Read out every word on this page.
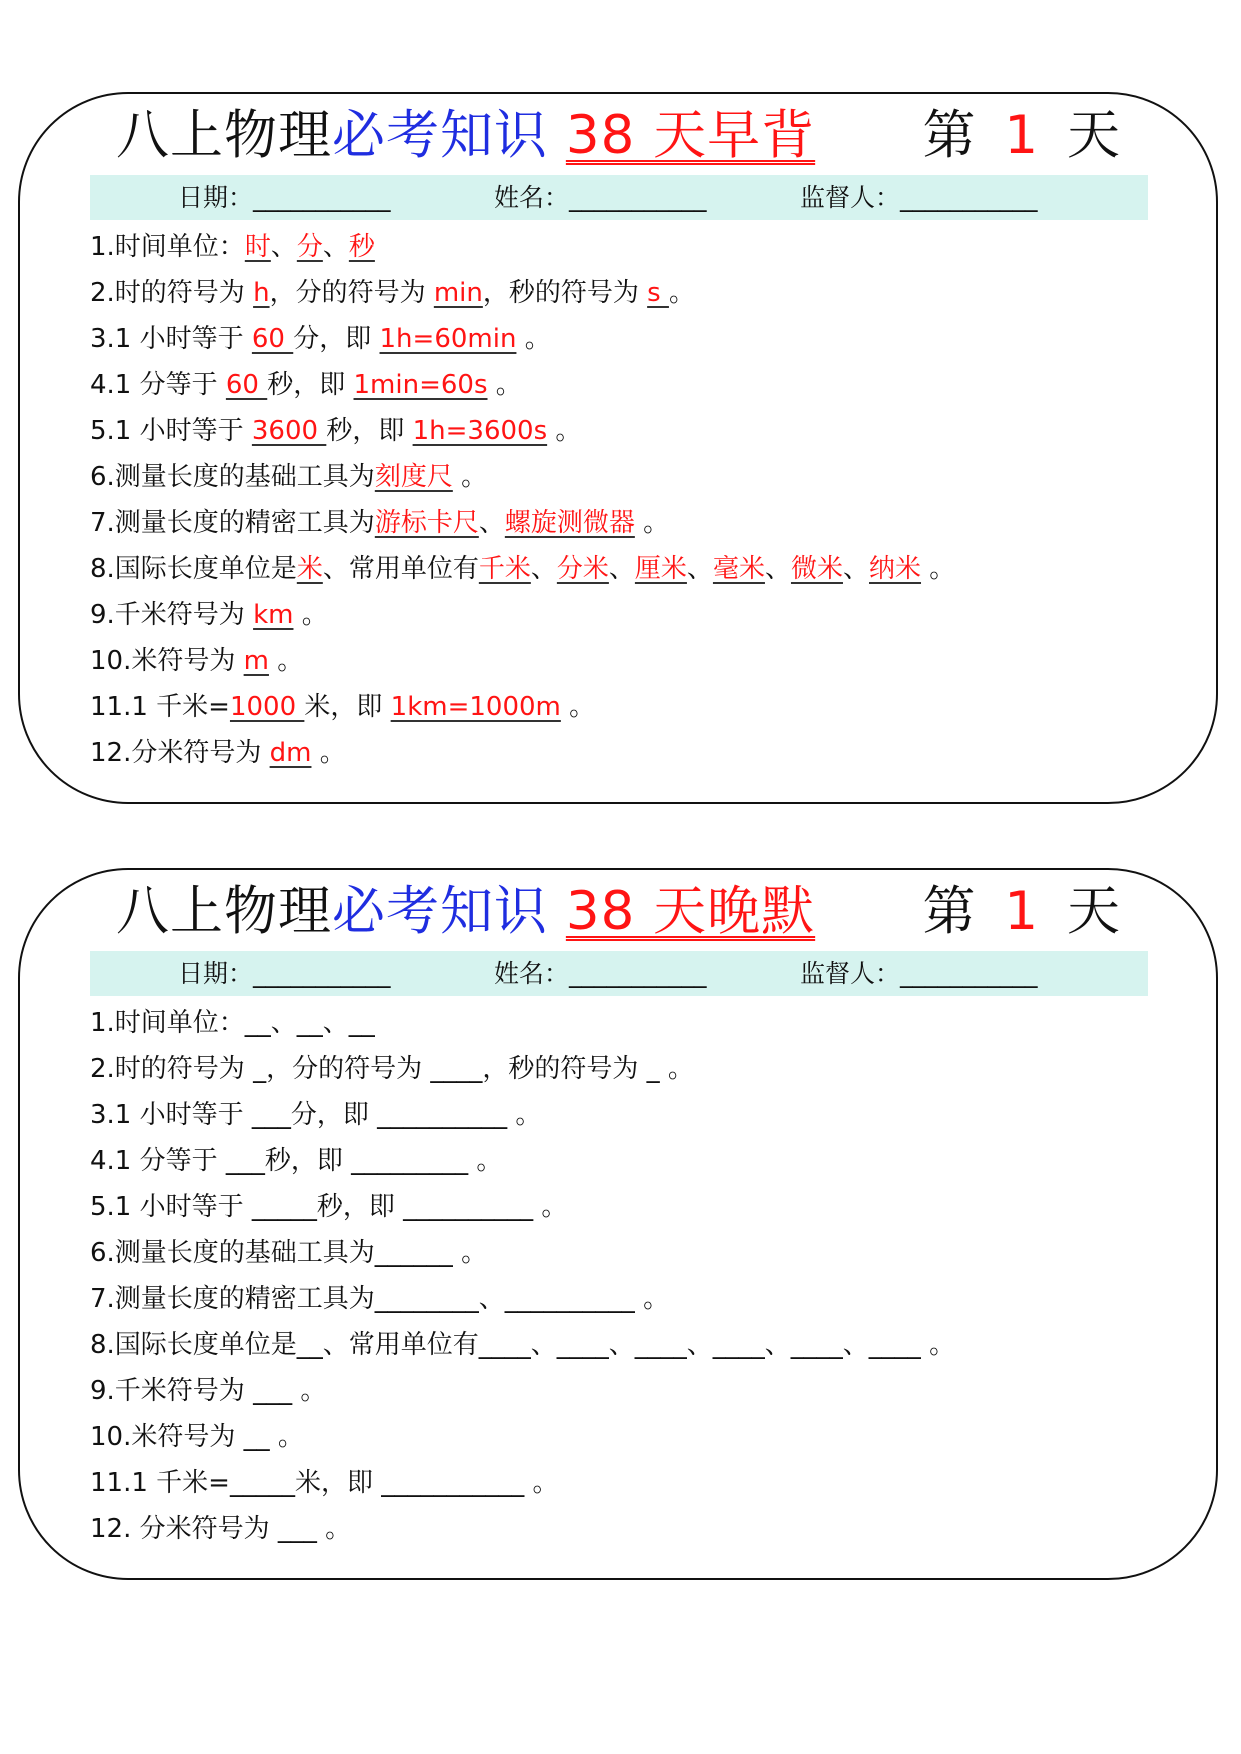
八上物理必考知识 38 天早背 第 1 天
日期：___________	姓名：___________	监督人：___________
1.时间单位：时、分、秒
2.时的符号为 h，分的符号为 min，秒的符号为 s 。
3.1 小时等于 60 分，即 1h=60min 。
4.1 分等于 60 秒，即 1min=60s 。
5.1 小时等于 3600 秒，即 1h=3600s 。
6.测量长度的基础工具为刻度尺 。
7.测量长度的精密工具为游标卡尺、螺旋测微器 。
8.国际长度单位是米、常用单位有千米、分米、厘米、毫米、微米、纳米 。
9.千米符号为 km 。
10.米符号为 m 。
11.1 千米=1000 米，即 1km=1000m 。
12.分米符号为 dm 。
八上物理必考知识 38 天晚默 第 1 天
日期：___________	姓名：___________	监督人：___________
1.时间单位：__、__、__
2.时的符号为 _，分的符号为 ____，秒的符号为 _ 。
3.1 小时等于 ___分，即 __________ 。
4.1 分等于 ___秒，即 _________ 。
5.1 小时等于 _____秒，即 __________ 。
6.测量长度的基础工具为______ 。
7.测量长度的精密工具为________、__________ 。
8.国际长度单位是__、常用单位有____、____、____、____、____、____ 。
9.千米符号为 ___ 。
10.米符号为 __ 。
11.1 千米=_____米，即 ___________ 。
12. 分米符号为 ___ 。
